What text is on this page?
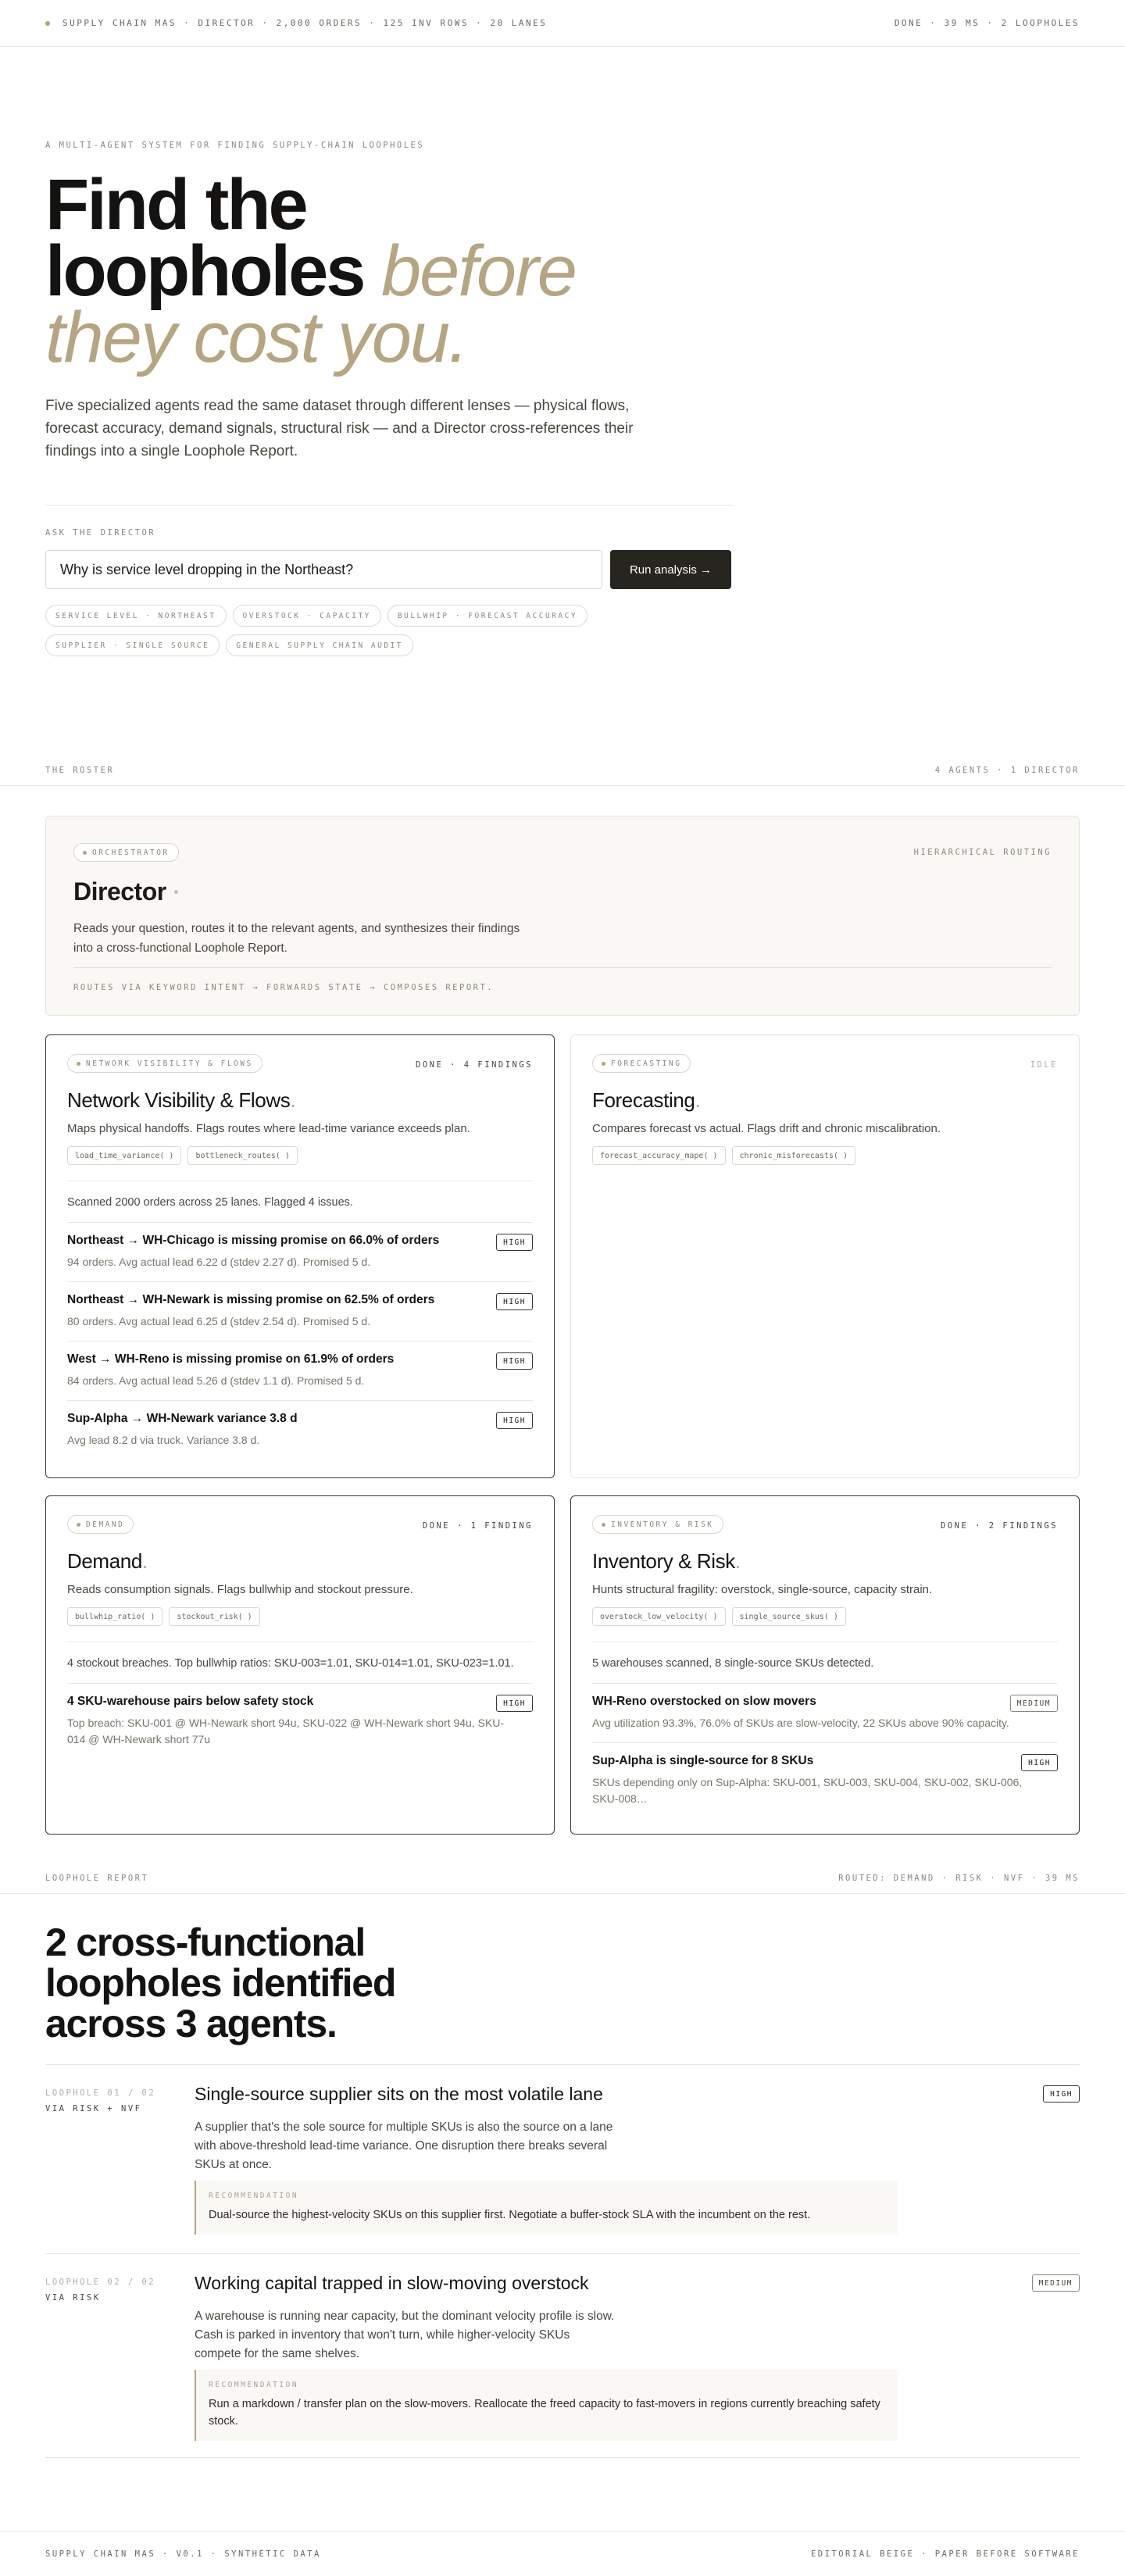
SUPPLY CHAIN MAS · DIRECTOR · 2,000 ORDERS · 125 INV ROWS · 20 LANES	DONE · 39 MS · 2 LOOPHOLES
A MULTI-AGENT SYSTEM FOR FINDING SUPPLY-CHAIN LOOPHOLES
Find the
loopholes before
they cost you.

Five specialized agents read the same dataset through different lenses — physical flows, forecast accuracy, demand signals, structural risk — and a Director cross-references their findings into a single Loophole Report.

ASK THE DIRECTOR
Why is service level dropping in the Northeast?	Run analysis →
SERVICE LEVEL · NORTHEAST	OVERSTOCK · CAPACITY	BULLWHIP · FORECAST ACCURACY
SUPPLIER · SINGLE SOURCE	GENERAL SUPPLY CHAIN AUDIT
THE ROSTER	4 AGENTS · 1 DIRECTOR
ORCHESTRATOR	HIERARCHICAL ROUTING
Director

Reads your question, routes it to the relevant agents, and synthesizes their findings into a cross-functional Loophole Report.

ROUTES VIA KEYWORD INTENT → FORWARDS STATE → COMPOSES REPORT.
NETWORK VISIBILITY & FLOWS	DONE · 4 FINDINGS
Network Visibility & Flows.
Maps physical handoffs. Flags routes where lead-time variance exceeds plan.
load_time_variance( )	bottleneck_routes( )
Scanned 2000 orders across 25 lanes. Flagged 4 issues.
Northeast → WH-Chicago is missing promise on 66.0% of orders
94 orders. Avg actual lead 6.22 d (stdev 2.27 d). Promised 5 d.
HIGH
Northeast → WH-Newark is missing promise on 62.5% of orders
80 orders. Avg actual lead 6.25 d (stdev 2.54 d). Promised 5 d.
HIGH
West → WH-Reno is missing promise on 61.9% of orders
84 orders. Avg actual lead 5.26 d (stdev 1.1 d). Promised 5 d.
HIGH
Sup-Alpha → WH-Newark variance 3.8 d
Avg lead 8.2 d via truck. Variance 3.8 d.
HIGH
FORECASTING	IDLE
Forecasting.
Compares forecast vs actual. Flags drift and chronic miscalibration.
forecast_accuracy_mape( )	chronic_misforecasts( )
DEMAND	DONE · 1 FINDING
Demand.
Reads consumption signals. Flags bullwhip and stockout pressure.
bullwhip_ratio( )	stockout_risk( )
4 stockout breaches. Top bullwhip ratios: SKU-003=1.01, SKU-014=1.01, SKU-023=1.01.
4 SKU-warehouse pairs below safety stock
Top breach: SKU-001 @ WH-Newark short 94u, SKU-022 @ WH-Newark short 94u, SKU-014 @ WH-Newark short 77u
HIGH
INVENTORY & RISK	DONE · 2 FINDINGS
Inventory & Risk.
Hunts structural fragility: overstock, single-source, capacity strain.
overstock_low_velocity( )	single_source_skus( )
5 warehouses scanned, 8 single-source SKUs detected.
WH-Reno overstocked on slow movers
Avg utilization 93.3%, 76.0% of SKUs are slow-velocity, 22 SKUs above 90% capacity.
MEDIUM
Sup-Alpha is single-source for 8 SKUs
SKUs depending only on Sup-Alpha: SKU-001, SKU-003, SKU-004, SKU-002, SKU-006, SKU-008…
HIGH
LOOPHOLE REPORT	ROUTED: DEMAND · RISK · NVF · 39 MS
2 cross-functional loopholes identified across 3 agents.
LOOPHOLE 01 / 02
VIA RISK + NVF
Single-source supplier sits on the most volatile lane
A supplier that's the sole source for multiple SKUs is also the source on a lane with above-threshold lead-time variance. One disruption there breaks several SKUs at once.
HIGH
RECOMMENDATION
Dual-source the highest-velocity SKUs on this supplier first. Negotiate a buffer-stock SLA with the incumbent on the rest.
LOOPHOLE 02 / 02
VIA RISK
Working capital trapped in slow-moving overstock
A warehouse is running near capacity, but the dominant velocity profile is slow. Cash is parked in inventory that won't turn, while higher-velocity SKUs compete for the same shelves.
MEDIUM
RECOMMENDATION
Run a markdown / transfer plan on the slow-movers. Reallocate the freed capacity to fast-movers in regions currently breaching safety stock.
SUPPLY CHAIN MAS · V0.1 · SYNTHETIC DATA	EDITORIAL BEIGE · PAPER BEFORE SOFTWARE
